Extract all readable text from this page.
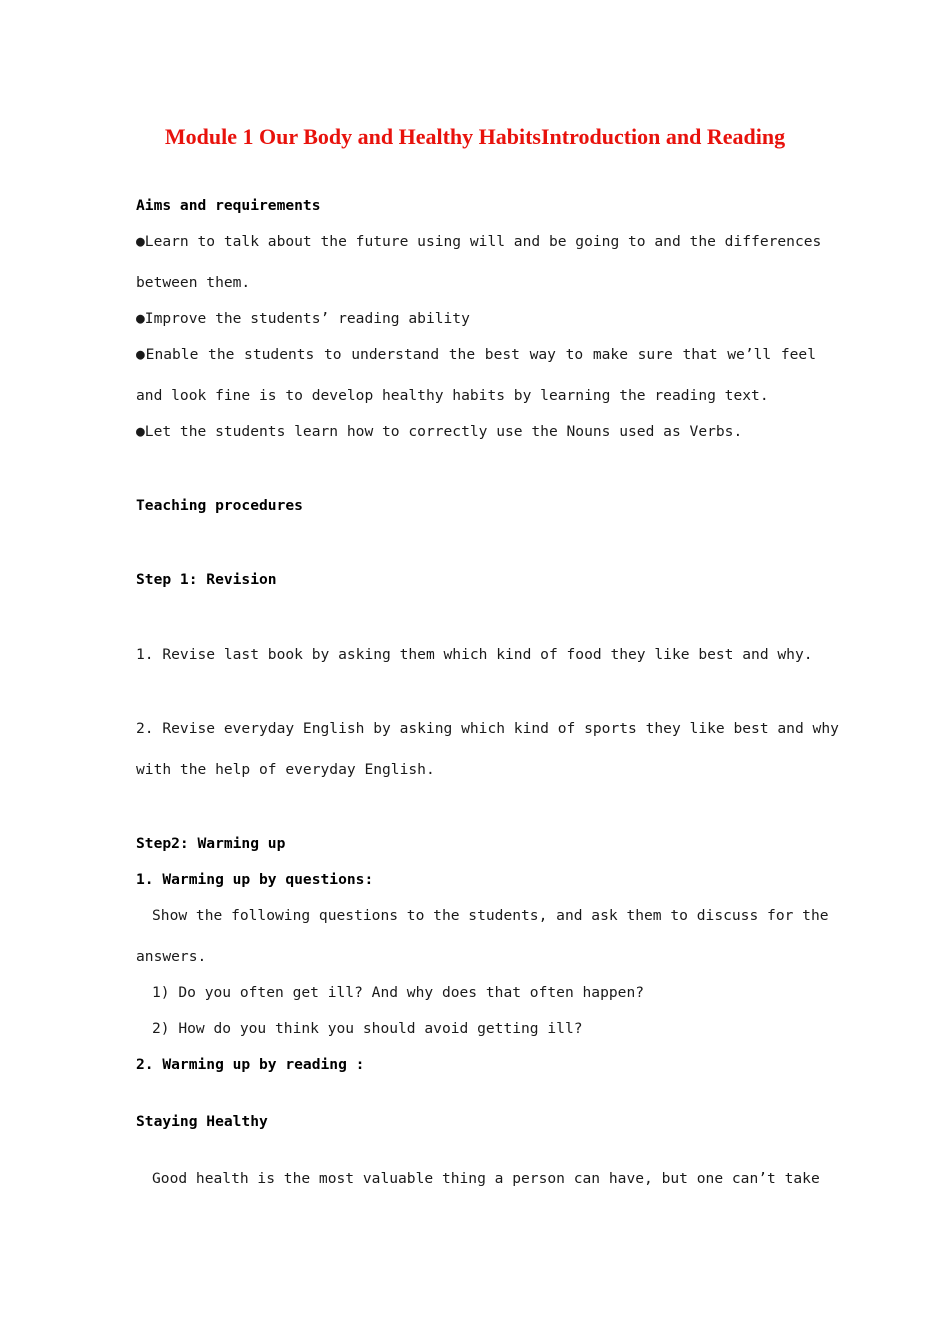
Module 1 Our Body and Healthy HabitsIntroduction and Reading
Aims and requirements
●Learn to talk about the future using will and be going to and the differences
between them.
●Improve the students’ reading ability
●Enable the students to understand the best way to make sure that we’ll feel
and look fine is to develop healthy habits by learning the reading text.
●Let the students learn how to correctly use the Nouns used as Verbs.
Teaching procedures
Step 1: Revision
1. Revise last book by asking them which kind of food they like best and why.
2. Revise everyday English by asking which kind of sports they like best and why
with the help of everyday English.
Step2: Warming up
1. Warming up by questions:
Show the following questions to the students, and ask them to discuss for the
answers.
1) Do you often get ill? And why does that often happen?
2) How do you think you should avoid getting ill?
2. Warming up by reading :
Staying Healthy
Good health is the most valuable thing a person can have, but one can’t take
